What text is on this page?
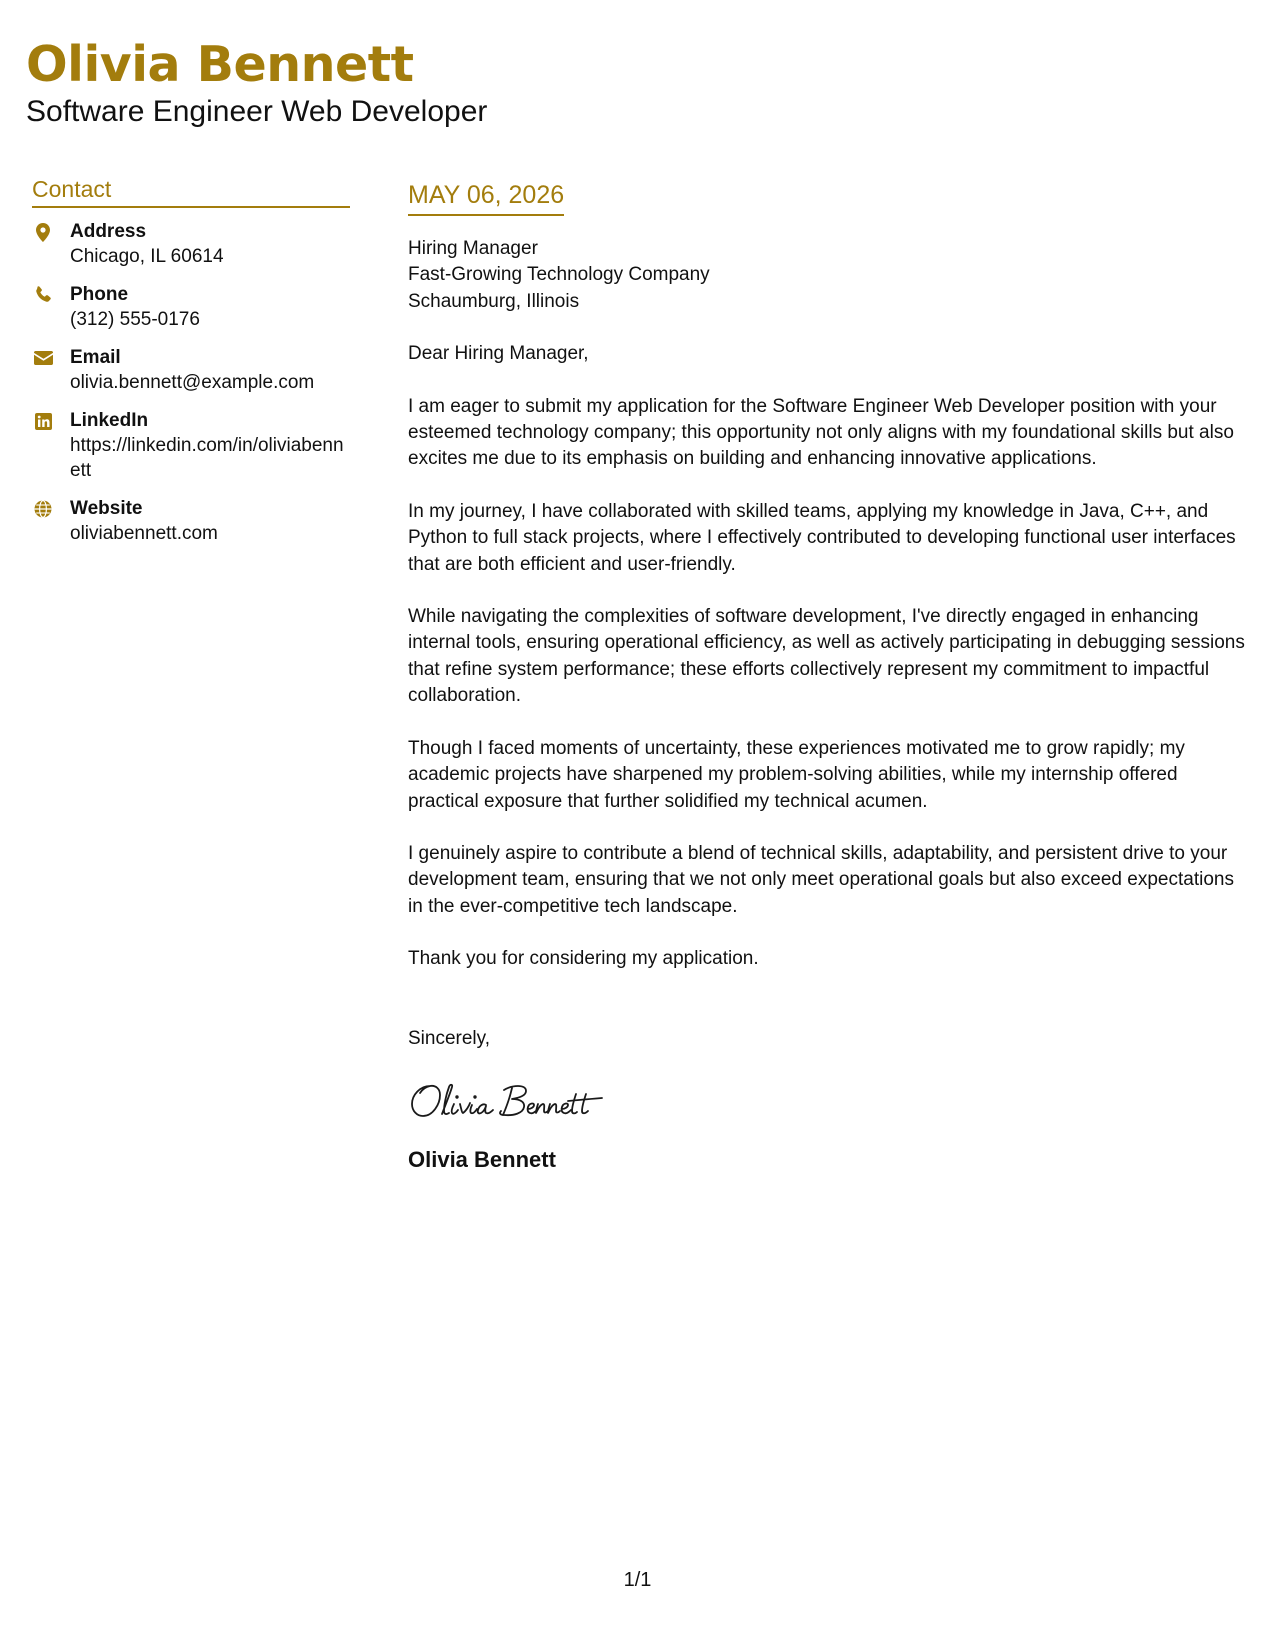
Olivia Bennett
Software Engineer Web Developer
Contact
Address
Chicago, IL 60614
Phone
(312) 555-0176
Email
olivia.bennett@example.com
LinkedIn
https://linkedin.com/in/oliviabennett
Website
oliviabennett.com
MAY 06, 2026
Hiring Manager
Fast-Growing Technology Company
Schaumburg, Illinois
Dear Hiring Manager,
I am eager to submit my application for the Software Engineer Web Developer position with your esteemed technology company; this opportunity not only aligns with my foundational skills but also excites me due to its emphasis on building and enhancing innovative applications.
In my journey, I have collaborated with skilled teams, applying my knowledge in Java, C++, and Python to full stack projects, where I effectively contributed to developing functional user interfaces that are both efficient and user-friendly.
While navigating the complexities of software development, I've directly engaged in enhancing internal tools, ensuring operational efficiency, as well as actively participating in debugging sessions that refine system performance; these efforts collectively represent my commitment to impactful collaboration.
Though I faced moments of uncertainty, these experiences motivated me to grow rapidly; my academic projects have sharpened my problem-solving abilities, while my internship offered practical exposure that further solidified my technical acumen.
I genuinely aspire to contribute a blend of technical skills, adaptability, and persistent drive to your development team, ensuring that we not only meet operational goals but also exceed expectations in the ever-competitive tech landscape.
Thank you for considering my application.
Sincerely,
Olivia Bennett
1/1
